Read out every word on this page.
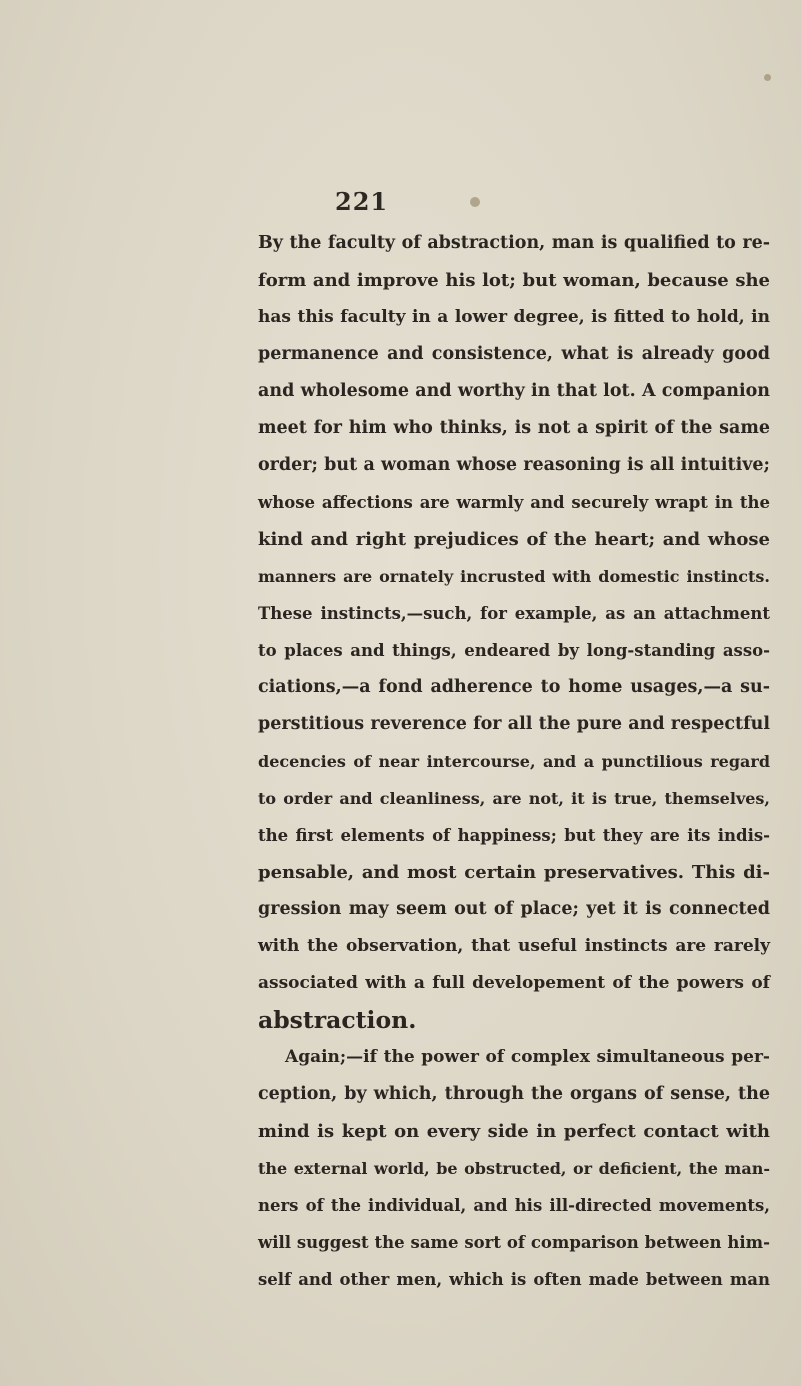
221
By the faculty of abstraction, man is qualified to re-
form and improve his lot; but woman, because she
has this faculty in a lower degree, is fitted to hold, in
permanence and consistence, what is already good
and wholesome and worthy in that lot. A companion
meet for him who thinks, is not a spirit of the same
order; but a woman whose reasoning is all intuitive;
whose affections are warmly and securely wrapt in the
kind and right prejudices of the heart; and whose
manners are ornately incrusted with domestic instincts.
These instincts,—such, for example, as an attachment
to places and things, endeared by long-standing asso-
ciations,—a fond adherence to home usages,—a su-
perstitious reverence for all the pure and respectful
decencies of near intercourse, and a punctilious regard
to order and cleanliness, are not, it is true, themselves,
the first elements of happiness; but they are its indis-
pensable, and most certain preservatives. This di-
gression may seem out of place; yet it is connected
with the observation, that useful instincts are rarely
associated with a full developement of the powers of
abstraction.
Again;—if the power of complex simultaneous per-
ception, by which, through the organs of sense, the
mind is kept on every side in perfect contact with
the external world, be obstructed, or deficient, the man-
ners of the individual, and his ill-directed movements,
will suggest the same sort of comparison between him-
self and other men, which is often made between man
